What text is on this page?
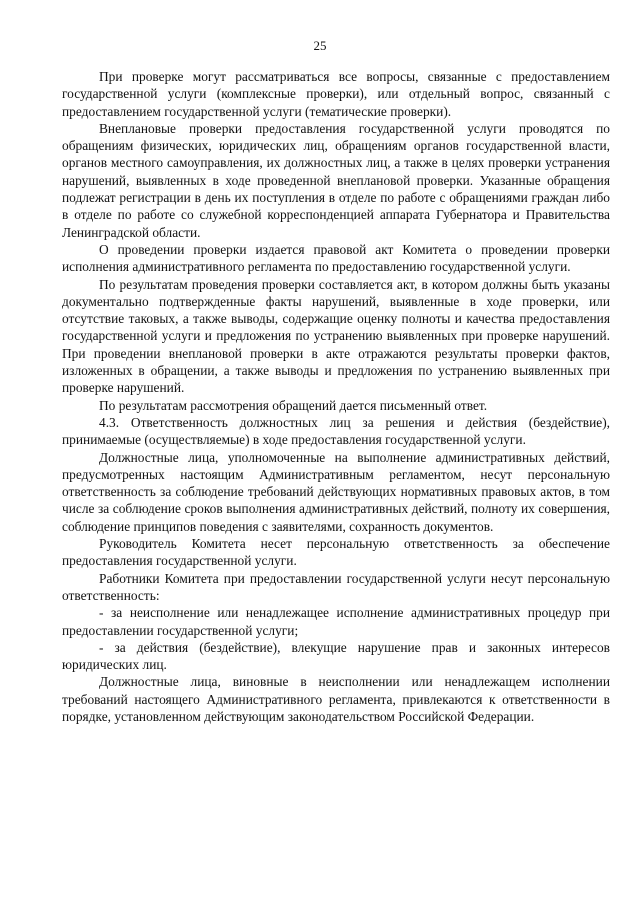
25

При проверке могут рассматриваться все вопросы, связанные с предоставлением государственной услуги (комплексные проверки), или отдельный вопрос, связанный с предоставлением государственной услуги (тематические проверки).

Внеплановые проверки предоставления государственной услуги проводятся по обращениям физических, юридических лиц, обращениям органов государственной власти, органов местного самоуправления, их должностных лиц, а также в целях проверки устранения нарушений, выявленных в ходе проведенной внеплановой проверки. Указанные обращения подлежат регистрации в день их поступления в отделе по работе с обращениями граждан либо в отделе по работе со служебной корреспонденцией аппарата Губернатора и Правительства Ленинградской области.

О проведении проверки издается правовой акт Комитета о проведении проверки исполнения административного регламента по предоставлению государственной услуги.

По результатам проведения проверки составляется акт, в котором должны быть указаны документально подтвержденные факты нарушений, выявленные в ходе проверки, или отсутствие таковых, а также выводы, содержащие оценку полноты и качества предоставления государственной услуги и предложения по устранению выявленных при проверке нарушений. При проведении внеплановой проверки в акте отражаются результаты проверки фактов, изложенных в обращении, а также выводы и предложения по устранению выявленных при проверке нарушений.

По результатам рассмотрения обращений дается письменный ответ.

4.3. Ответственность должностных лиц за решения и действия (бездействие), принимаемые (осуществляемые) в ходе предоставления государственной услуги.

Должностные лица, уполномоченные на выполнение административных действий, предусмотренных настоящим Административным регламентом, несут персональную ответственность за соблюдение требований действующих нормативных правовых актов, в том числе за соблюдение сроков выполнения административных действий, полноту их совершения, соблюдение принципов поведения с заявителями, сохранность документов.

Руководитель Комитета несет персональную ответственность за обеспечение предоставления государственной услуги.

Работники Комитета при предоставлении государственной услуги несут персональную ответственность:

- за неисполнение или ненадлежащее исполнение административных процедур при предоставлении государственной услуги;

- за действия (бездействие), влекущие нарушение прав и законных интересов юридических лиц.

Должностные лица, виновные в неисполнении или ненадлежащем исполнении требований настоящего Административного регламента, привлекаются к ответственности в порядке, установленном действующим законодательством Российской Федерации.
